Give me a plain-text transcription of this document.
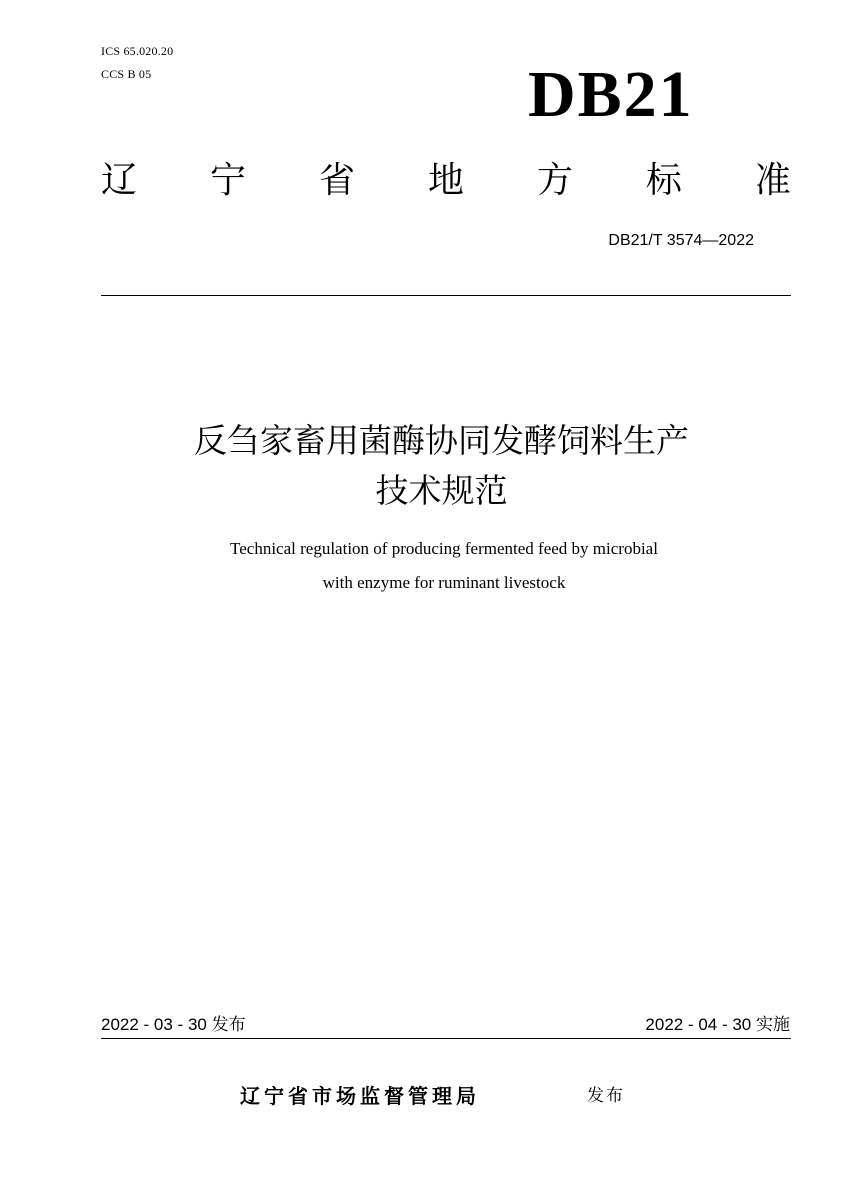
ICS 65.020.20
CCS B 05	DB21
辽 宁 省 地 方 标 准
DB21/T 3574—2022
反刍家畜用菌酶协同发酵饲料生产
技术规范
Technical regulation of producing fermented feed by microbial
with enzyme for ruminant livestock
2022 - 03 - 30 发布	2022 - 04 - 30 实施
辽宁省市场监督管理局	发布
